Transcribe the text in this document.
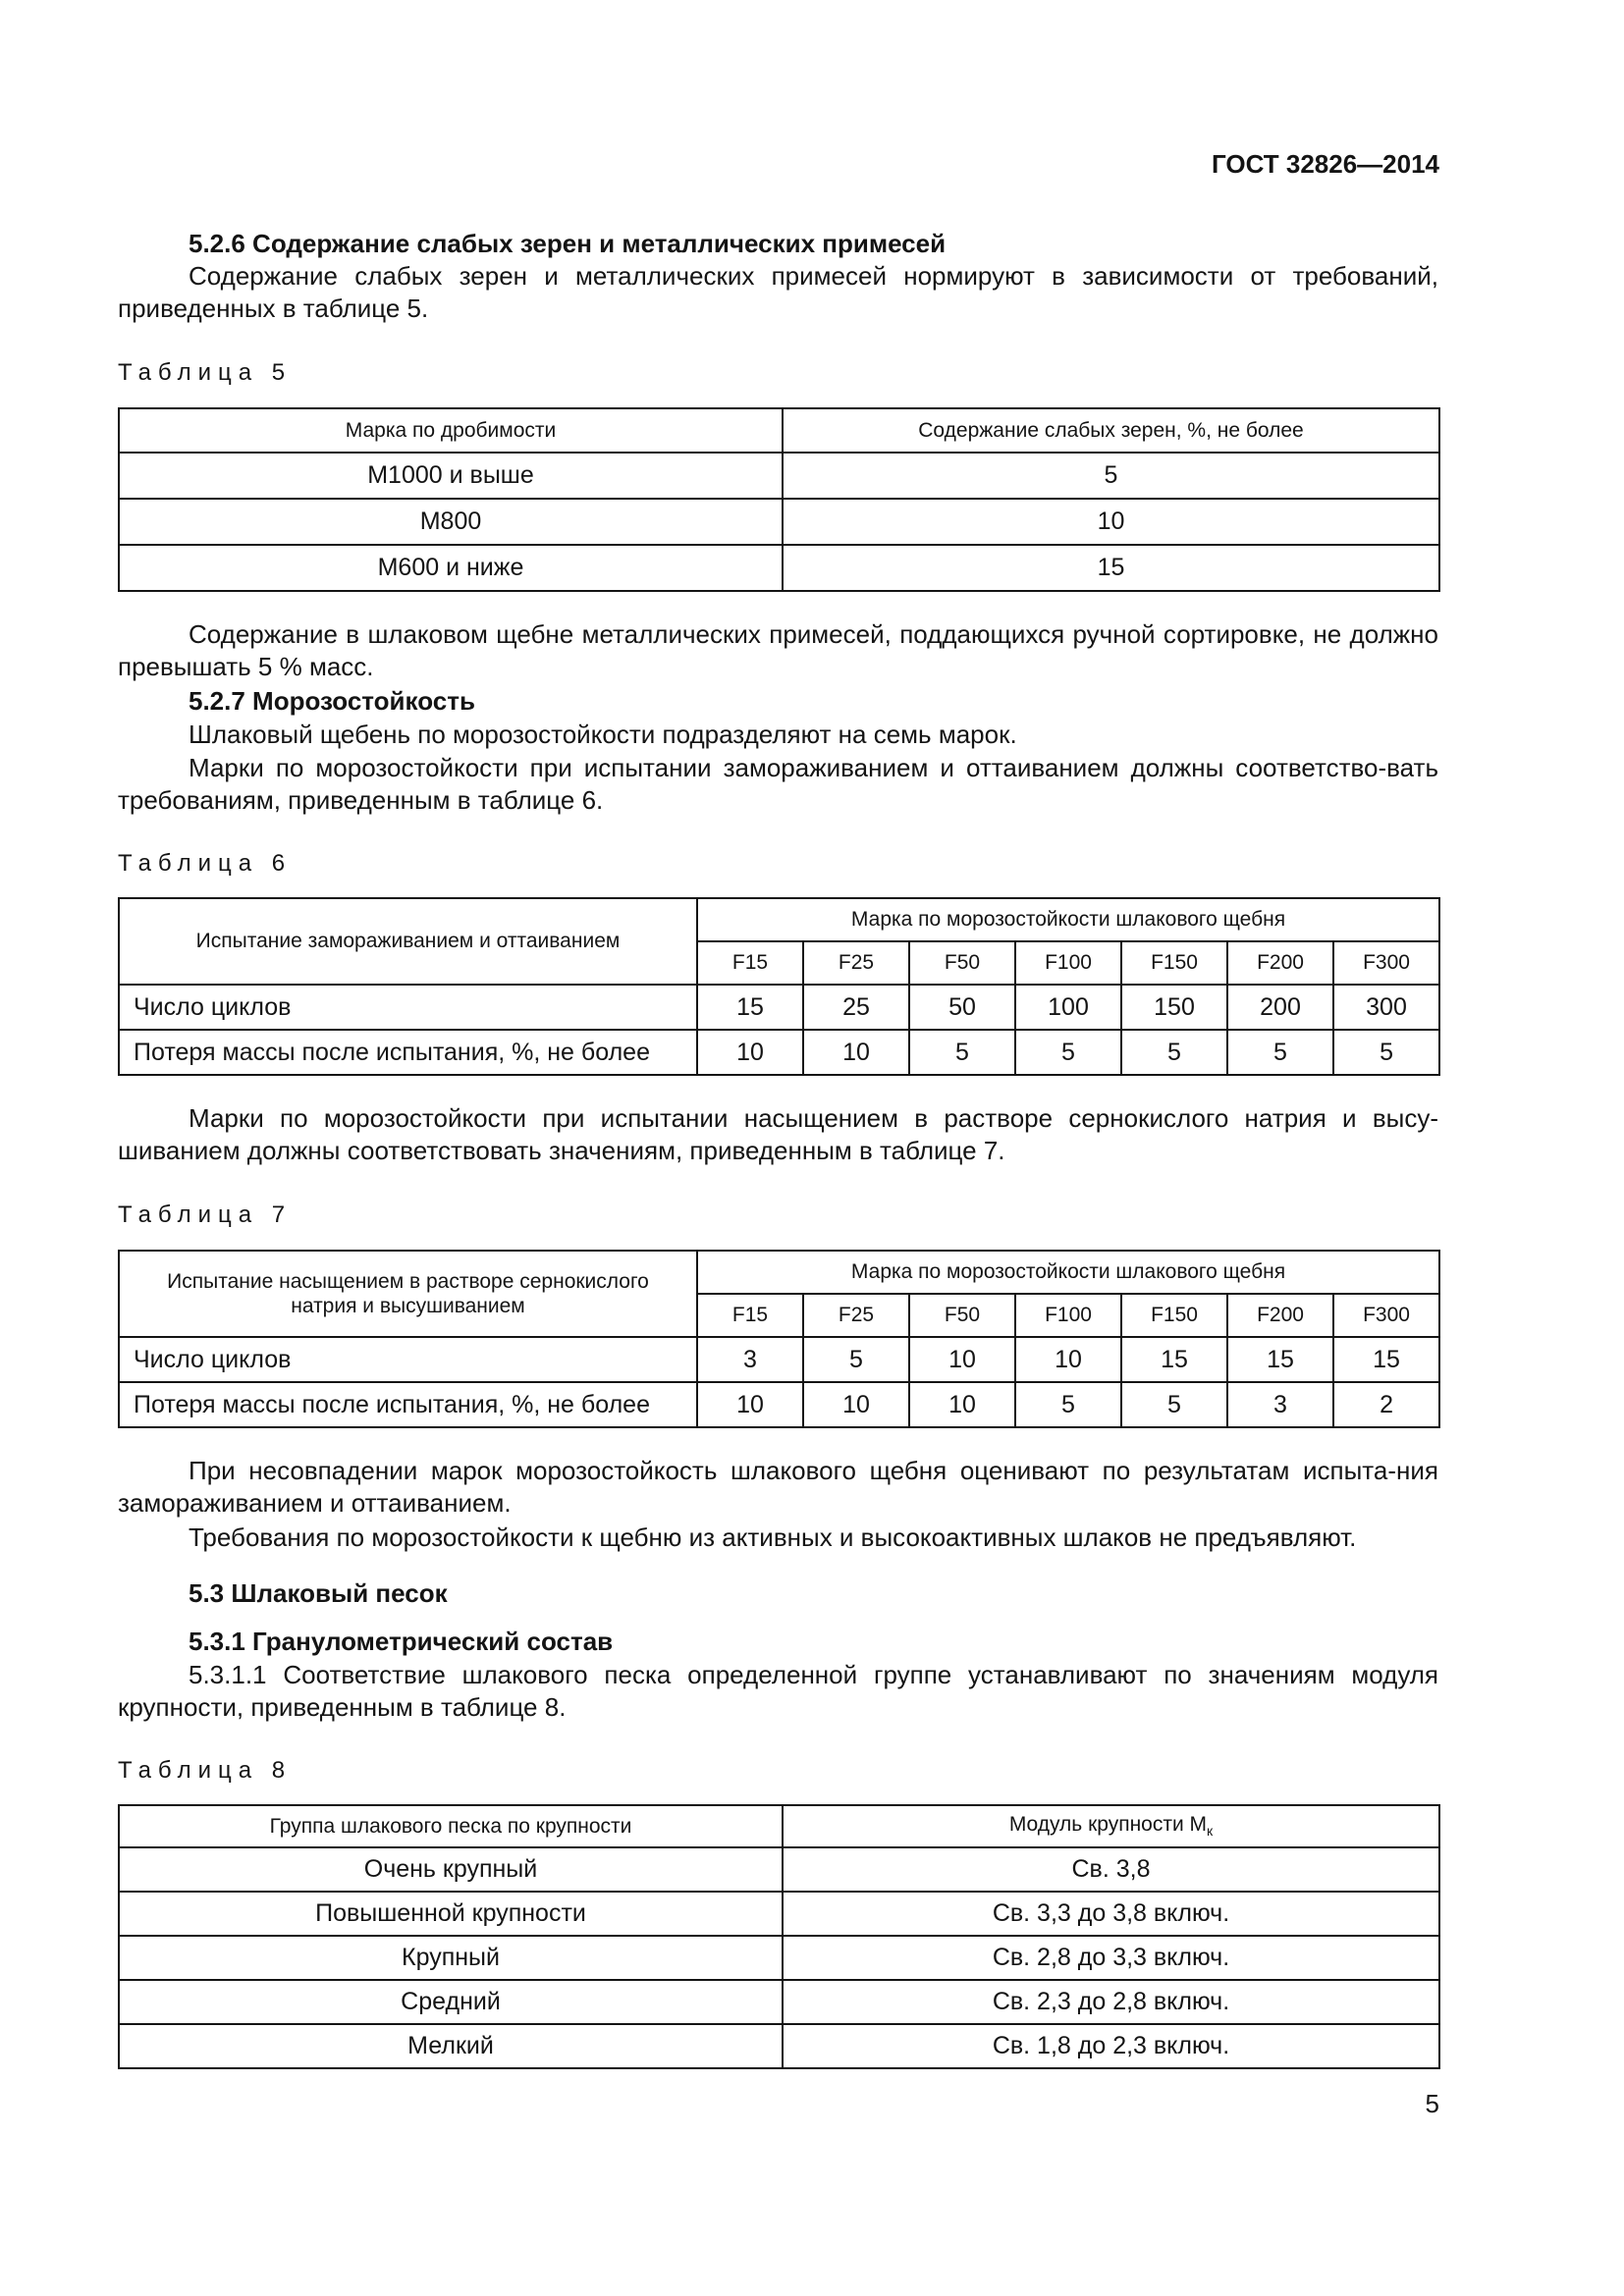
ГОСТ 32826—2014
5.2.6 Содержание слабых зерен и металлических примесей
Содержание слабых зерен и металлических примесей нормируют в зависимости от требований, приведенных в таблице 5.
Таблица 5
Марка по дробимости	Содержание слабых зерен, %, не более
М1000 и выше	5
М800	10
М600 и ниже	15
Содержание в шлаковом щебне металлических примесей, поддающихся ручной сортировке, не должно превышать 5 % масс.
5.2.7 Морозостойкость
Шлаковый щебень по морозостойкости подразделяют на семь марок.
Марки по морозостойкости при испытании замораживанием и оттаиванием должны соответство-вать требованиям, приведенным в таблице 6.
Таблица 6
Испытание замораживанием и оттаиванием	Марка по морозостойкости шлакового щебня						
	F15	F25	F50	F100	F150	F200	F300
Число циклов	15	25	50	100	150	200	300
Потеря массы после испытания, %, не более	10	10	5	5	5	5	5
Марки по морозостойкости при испытании насыщением в растворе сернокислого натрия и высу-шиванием должны соответствовать значениям, приведенным в таблице 7.
Таблица 7
Испытание насыщением в растворе сернокислого натрия и высушиванием	Марка по морозостойкости шлакового щебня						
	F15	F25	F50	F100	F150	F200	F300
Число циклов	3	5	10	10	15	15	15
Потеря массы после испытания, %, не более	10	10	10	5	5	3	2
При несовпадении марок морозостойкость шлакового щебня оценивают по результатам испыта-ния замораживанием и оттаиванием.
Требования по морозостойкости к щебню из активных и высокоактивных шлаков не предъявляют.
5.3 Шлаковый песок
5.3.1 Гранулометрический состав
5.3.1.1 Соответствие шлакового песка определенной группе устанавливают по значениям модуля крупности, приведенным в таблице 8.
Таблица 8
Группа шлакового песка по крупности	Модуль крупности $М_к$
Очень крупный	Св. 3,8
Повышенной крупности	Св. 3,3 до 3,8 включ.
Крупный	Св. 2,8 до 3,3 включ.
Средний	Св. 2,3 до 2,8 включ.
Мелкий	Св. 1,8 до 2,3 включ.
5
